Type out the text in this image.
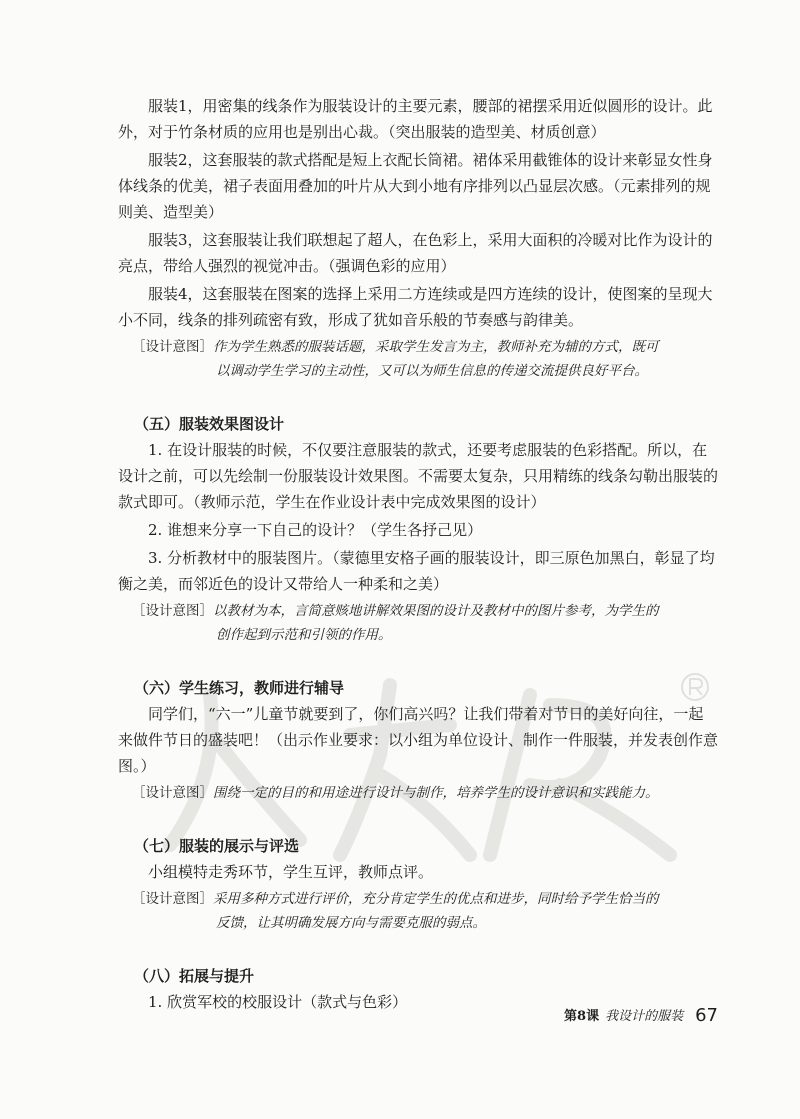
服装1，用密集的线条作为服装设计的主要元素，腰部的裙摆采用近似圆形的设计。此外，对于竹条材质的应用也是别出心裁。（突出服装的造型美、材质创意）

服装2，这套服装的款式搭配是短上衣配长筒裙。裙体采用截锥体的设计来彰显女性身体线条的优美，裙子表面用叠加的叶片从大到小地有序排列以凸显层次感。（元素排列的规则美、造型美）

服装3，这套服装让我们联想起了超人，在色彩上，采用大面积的冷暖对比作为设计的亮点，带给人强烈的视觉冲击。（强调色彩的应用）

服装4，这套服装在图案的选择上采用二方连续或是四方连续的设计，使图案的呈现大小不同，线条的排列疏密有致，形成了犹如音乐般的节奏感与韵律美。

［设计意图］作为学生熟悉的服装话题，采取学生发言为主，教师补充为辅的方式，既可
以调动学生学习的主动性，又可以为师生信息的传递交流提供良好平台。

（五）服装效果图设计

1. 在设计服装的时候，不仅要注意服装的款式，还要考虑服装的色彩搭配。所以，在设计之前，可以先绘制一份服装设计效果图。不需要太复杂，只用精练的线条勾勒出服装的款式即可。（教师示范，学生在作业设计表中完成效果图的设计）

2. 谁想来分享一下自己的设计？（学生各抒己见）

3. 分析教材中的服装图片。（蒙德里安格子画的服装设计，即三原色加黑白，彰显了均衡之美，而邻近色的设计又带给人一种柔和之美）

［设计意图］以教材为本，言简意赅地讲解效果图的设计及教材中的图片参考，为学生的
创作起到示范和引领的作用。

（六）学生练习，教师进行辅导

同学们，“六一”儿童节就要到了，你们高兴吗？让我们带着对节日的美好向往，一起来做件节日的盛装吧！（出示作业要求：以小组为单位设计、制作一件服装，并发表创作意图。）

［设计意图］围绕一定的目的和用途进行设计与制作，培养学生的设计意识和实践能力。

（七）服装的展示与评选

小组模特走秀环节，学生互评，教师点评。

［设计意图］采用多种方式进行评价，充分肯定学生的优点和进步，同时给予学生恰当的
反馈，让其明确发展方向与需要克服的弱点。

（八）拓展与提升

1. 欣赏军校的校服设计（款式与色彩）

第8课 我设计的服装 67
